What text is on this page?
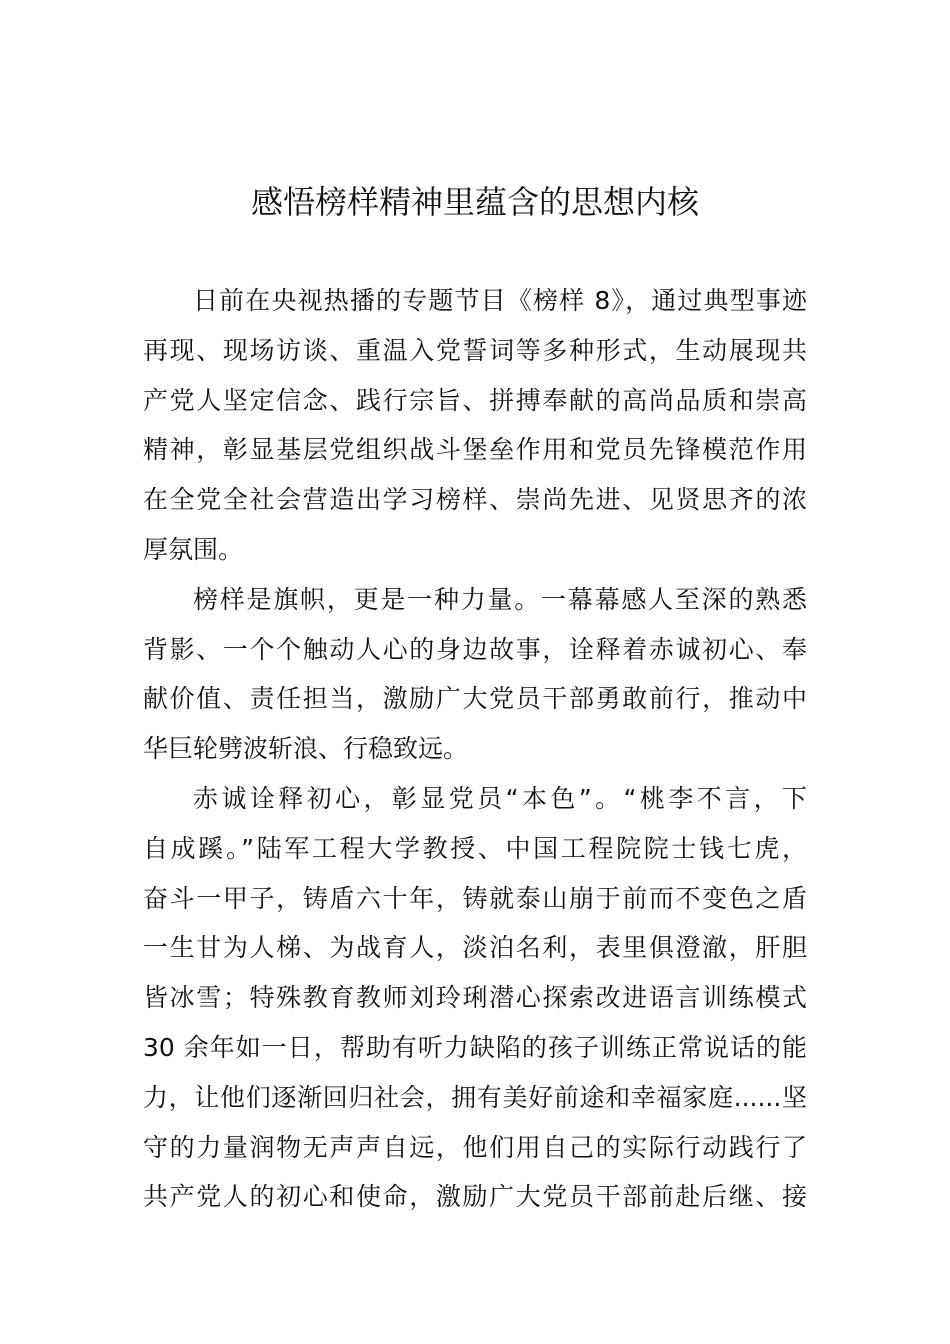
感悟榜样精神里蕴含的思想内核
日前在央视热播的专题节目《榜样 8》，通过典型事迹
再现、现场访谈、重温入党誓词等多种形式，生动展现共
产党人坚定信念、践行宗旨、拼搏奉献的高尚品质和崇高
精神，彰显基层党组织战斗堡垒作用和党员先锋模范作用
在全党全社会营造出学习榜样、崇尚先进、见贤思齐的浓
厚氛围。
榜样是旗帜，更是一种力量。一幕幕感人至深的熟悉
背影、一个个触动人心的身边故事，诠释着赤诚初心、奉
献价值、责任担当，激励广大党员干部勇敢前行，推动中
华巨轮劈波斩浪、行稳致远。
赤诚诠释初心，彰显党员“本色”。“桃李不言，下
自成蹊。”陆军工程大学教授、中国工程院院士钱七虎，
奋斗一甲子，铸盾六十年，铸就泰山崩于前而不变色之盾
一生甘为人梯、为战育人，淡泊名利，表里俱澄澈，肝胆
皆冰雪；特殊教育教师刘玲琍潜心探索改进语言训练模式
30 余年如一日，帮助有听力缺陷的孩子训练正常说话的能
力，让他们逐渐回归社会，拥有美好前途和幸福家庭......坚
守的力量润物无声声自远，他们用自己的实际行动践行了
共产党人的初心和使命，激励广大党员干部前赴后继、接
